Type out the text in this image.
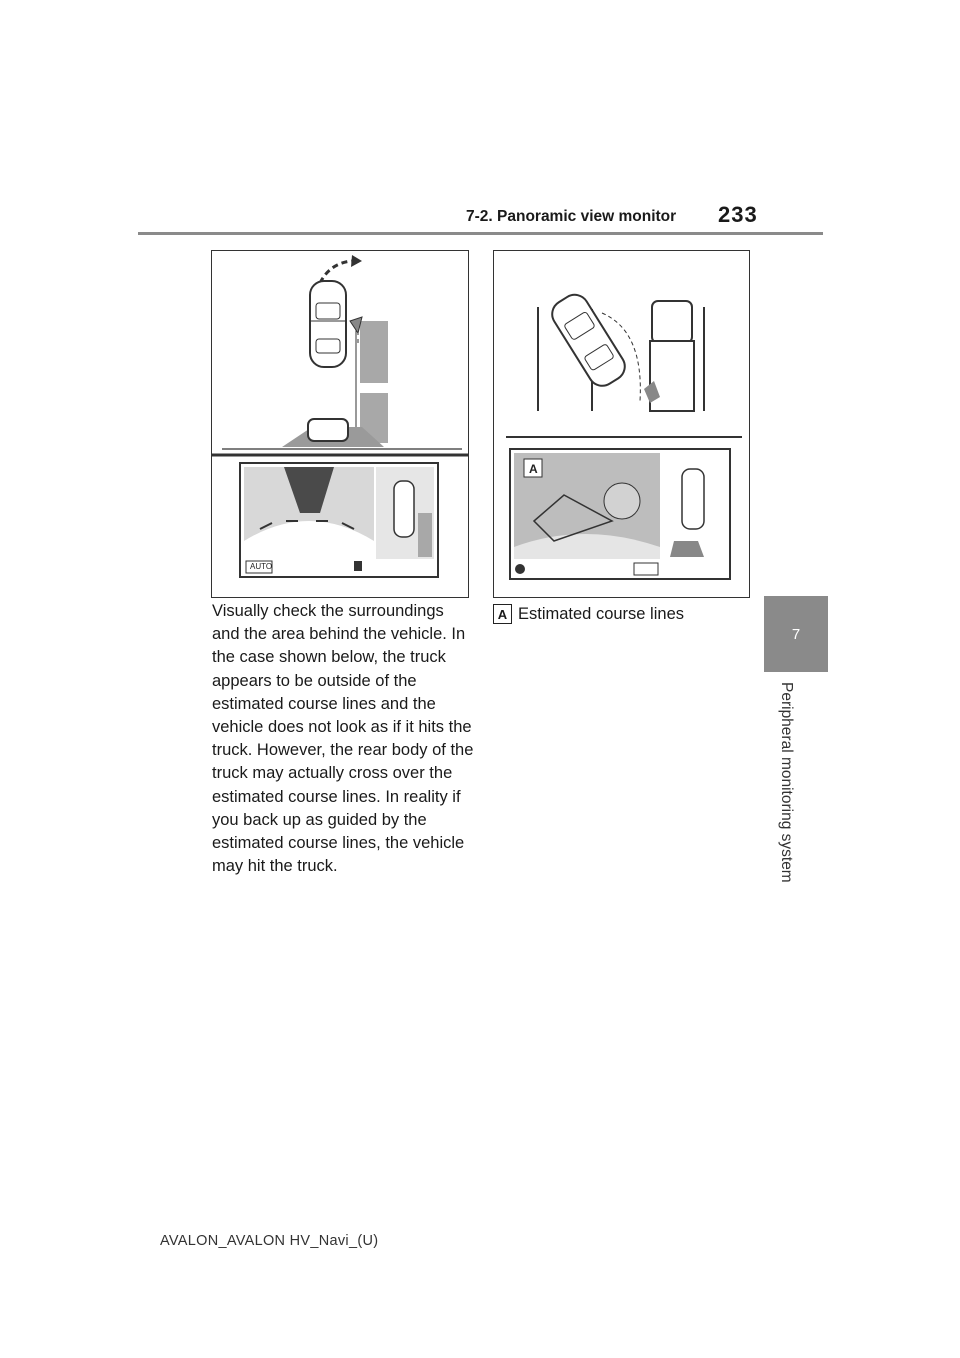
7-2. Panoramic view monitor 233
7
Peripheral monitoring system
AUTO
A
Visually check the surroundings and the area behind the vehicle. In the case shown below, the truck appears to be outside of the estimated course lines and the vehicle does not look as if it hits the truck. However, the rear body of the truck may actually cross over the estimated course lines. In reality if you back up as guided by the estimated course lines, the vehicle may hit the truck.
A Estimated course lines
AVALON_AVALON HV_Navi_(U)
